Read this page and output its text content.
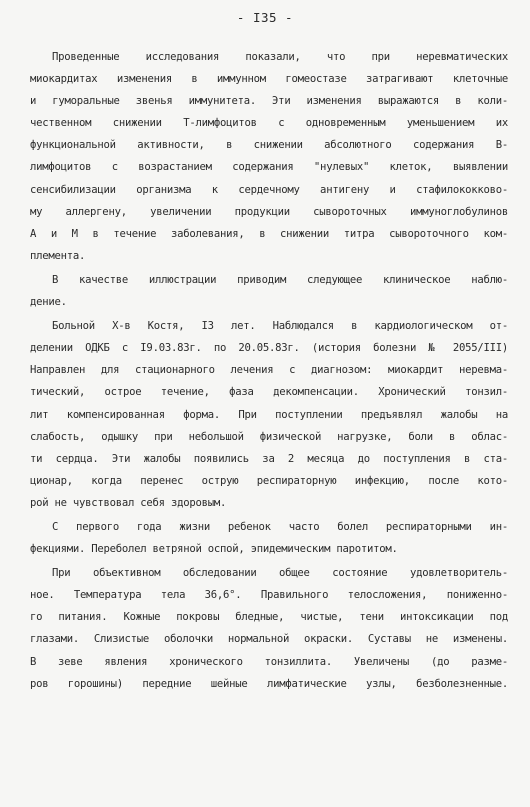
- I35 -
Проведенные исследования показали, что при неревматических
миокардитах изменения в иммунном гомеостазе затрагивают клеточные
и гуморальные звенья иммунитета. Эти изменения выражаются в коли-
чественном снижении Т-лимфоцитов с одновременным уменьшением их
функциональной активности, в снижении абсолютного содержания В-
лимфоцитов с возрастанием содержания "нулевых" клеток, выявлении
сенсибилизации организма к сердечному антигену и стафилококково-
му аллергену, увеличении продукции сывороточных иммуноглобулинов
А и М в течение заболевания, в снижении титра сывороточного ком-
племента.
В качестве иллюстрации приводим следующее клиническое наблю-
дение.
Больной Х-в Костя, I3 лет. Наблюдался в кардиологическом от-
делении ОДКБ с I9.03.83г. по 20.05.83г. (история болезни № 2055/III)
Направлен для стационарного лечения с диагнозом: миокардит неревма-
тический, острое течение, фаза декомпенсации. Хронический тонзил-
лит компенсированная форма. При поступлении предъявлял жалобы на
слабость, одышку при небольшой физической нагрузке, боли в облас-
ти сердца. Эти жалобы появились за 2 месяца до поступления в ста-
ционар, когда перенес острую респираторную инфекцию, после кото-
рой не чувствовал себя здоровым.
С первого года жизни ребенок часто болел респираторными ин-
фекциями. Переболел ветряной оспой, эпидемическим паротитом.
При объективном обследовании общее состояние удовлетворитель-
ное. Температура тела 36,6°. Правильного телосложения, пониженно-
го питания. Кожные покровы бледные, чистые, тени интоксикации под
глазами. Слизистые оболочки нормальной окраски. Суставы не изменены.
В зеве явления хронического тонзиллита. Увеличены (до разме-
ров горошины) передние шейные лимфатические узлы, безболезненные.
